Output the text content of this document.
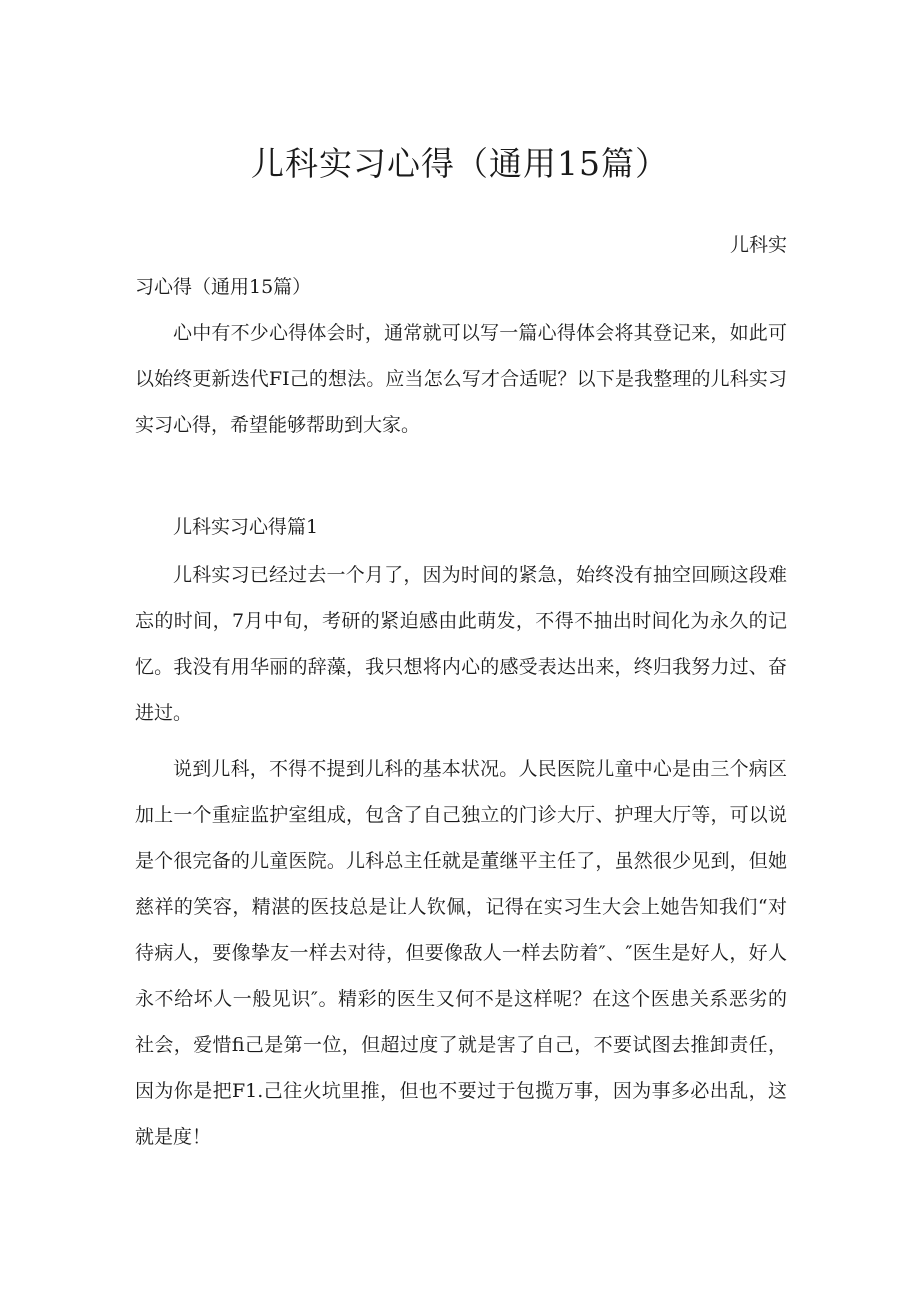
儿科实习心得（通用15篇）
儿科实
习心得（通用15篇）

心中有不少心得体会时，通常就可以写一篇心得体会将其登记来，如此可以始终更新迭代FI己的想法。应当怎么写才合适呢？以下是我整理的儿科实习实习心得，希望能够帮助到大家。

儿科实习心得篇1

儿科实习已经过去一个月了，因为时间的紧急，始终没有抽空回顾这段难忘的时间，7月中旬，考研的紧迫感由此萌发，不得不抽出时间化为永久的记忆。我没有用华丽的辞藻，我只想将内心的感受表达出来，终归我努力过、奋进过。

说到儿科，不得不提到儿科的基本状况。人民医院儿童中心是由三个病区加上一个重症监护室组成，包含了自己独立的门诊大厅、护理大厅等，可以说是个很完备的儿童医院。儿科总主任就是董继平主任了，虽然很少见到，但她慈祥的笑容，精湛的医技总是让人钦佩，记得在实习生大会上她告知我们“对待病人，要像挚友一样去对待，但要像敌人一样去防着″、″医生是好人，好人永不给坏人一般见识″。精彩的医生又何不是这样呢？在这个医患关系恶劣的社会，爱惜fi己是第一位，但超过度了就是害了自己，不要试图去推卸责任，因为你是把F1.己往火坑里推，但也不要过于包揽万事，因为事多必出乱，这就是度！
